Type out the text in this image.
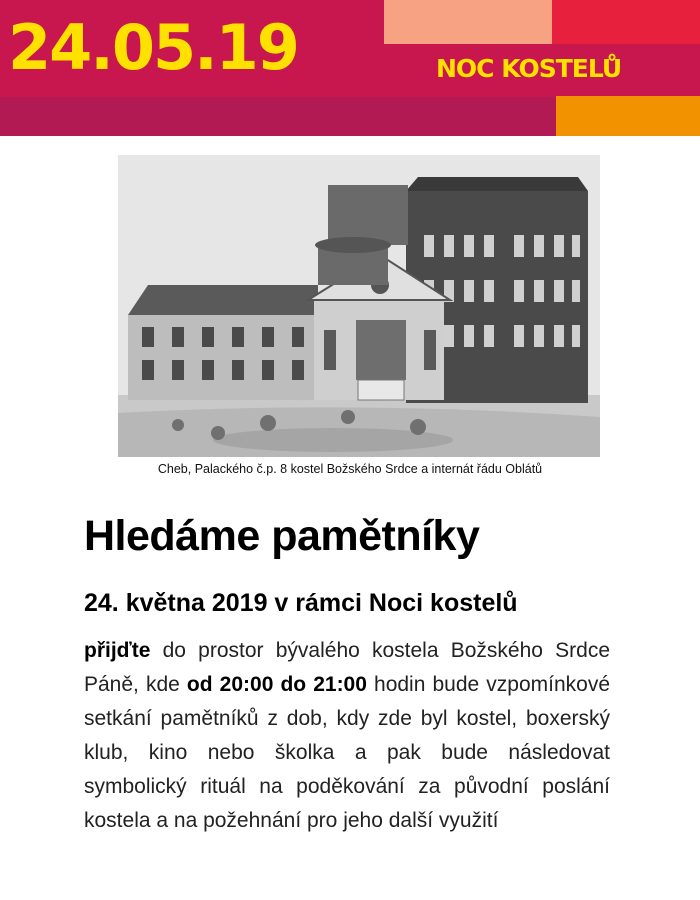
24.05.19	NOC KOSTELŮ
Cheb, Palackého č.p. 8 kostel Božského Srdce a internát řádu Oblátů
Hledáme pamětníky
24. května 2019 v rámci Noci kostelů

přijďte do prostor bývalého kostela Božského Srdce Páně, kde od 20:00 do 21:00 hodin bude vzpomínkové setkání pamětníků z dob, kdy zde byl kostel, boxerský klub, kino nebo školka a pak bude následovat symbolický rituál na poděkování za původní poslání kostela a na požehnání pro jeho další využití
